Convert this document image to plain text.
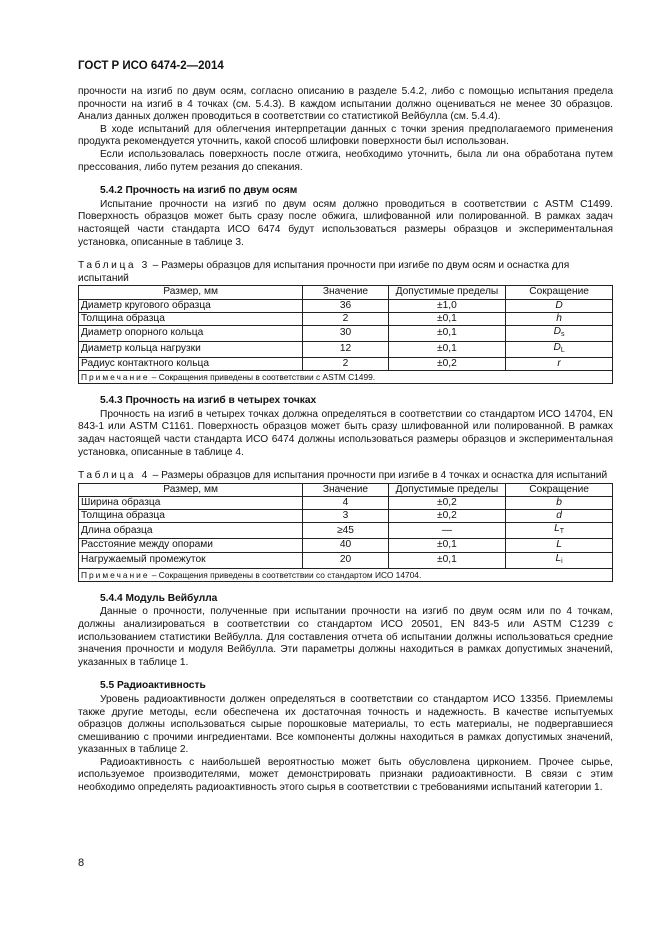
ГОСТ Р ИСО 6474-2—2014

прочности на изгиб по двум осям, согласно описанию в разделе 5.4.2, либо с помощью испытания предела прочности на изгиб в 4 точках (см. 5.4.3). В каждом испытании должно оцениваться не менее 30 образцов. Анализ данных должен проводиться в соответствии со статистикой Вейбулла (см. 5.4.4).

В ходе испытаний для облегчения интерпретации данных с точки зрения предполагаемого применения продукта рекомендуется уточнить, какой способ шлифовки поверхности был использован.

Если использовалась поверхность после отжига, необходимо уточнить, была ли она обработана путем прессования, либо путем резания до спекания.

5.4.2 Прочность на изгиб по двум осям

Испытание прочности на изгиб по двум осям должно проводиться в соответствии с ASTM C1499. Поверхность образцов может быть сразу после обжига, шлифованной или полированной. В рамках задач настоящей части стандарта ИСО 6474 будут использоваться размеры образцов и экспериментальная установка, описанные в таблице 3.

Таблица 3 – Размеры образцов для испытания прочности при изгибе по двум осям и оснастка для испытаний
Размер, мм	Значение	Допустимые пределы	Сокращение
Диаметр кругового образца	36	±1,0	D
Толщина образца	2	±0,1	h
Диаметр опорного кольца	30	±0,1	$D_s$
Диаметр кольца нагрузки	12	±0,1	$D_L$
Радиус контактного кольца	2	±0,2	r
Примечание – Сокращения приведены в соответствии с ASTM C1499.			
5.4.3 Прочность на изгиб в четырех точках

Прочность на изгиб в четырех точках должна определяться в соответствии со стандартом ИСО 14704, EN 843-1 или ASTM C1161. Поверхность образцов может быть сразу шлифованной или полированной. В рамках задач настоящей части стандарта ИСО 6474 должны использоваться размеры образцов и экспериментальная установка, описанные в таблице 4.

Таблица 4 – Размеры образцов для испытания прочности при изгибе в 4 точках и оснастка для испытаний
Размер, мм	Значение	Допустимые пределы	Сокращение
Ширина образца	4	±0,2	b
Толщина образца	3	±0,2	d
Длина образца	≥45	—	$L_T$
Расстояние между опорами	40	±0,1	L
Нагружаемый промежуток	20	±0,1	$L_i$
Примечание – Сокращения приведены в соответствии со стандартом ИСО 14704.			
5.4.4 Модуль Вейбулла

Данные о прочности, полученные при испытании прочности на изгиб по двум осям или по 4 точкам, должны анализироваться в соответствии со стандартом ИСО 20501, EN 843-5 или ASTM C1239 с использованием статистики Вейбулла. Для составления отчета об испытании должны использоваться средние значения прочности и модуля Вейбулла. Эти параметры должны находиться в рамках допустимых значений, указанных в таблице 1.

5.5 Радиоактивность

Уровень радиоактивности должен определяться в соответствии со стандартом ИСО 13356. Приемлемы также другие методы, если обеспечена их достаточная точность и надежность. В качестве испытуемых образцов должны использоваться сырые порошковые материалы, то есть материалы, не подвергавшиеся смешиванию с прочими ингредиентами. Все компоненты должны находиться в рамках допустимых значений, указанных в таблице 2.

Радиоактивность с наибольшей вероятностью может быть обусловлена цирконием. Прочее сырье, используемое производителями, может демонстрировать признаки радиоактивности. В связи с этим необходимо определять радиоактивность этого сырья в соответствии с требованиями испытаний категории 1.

8
